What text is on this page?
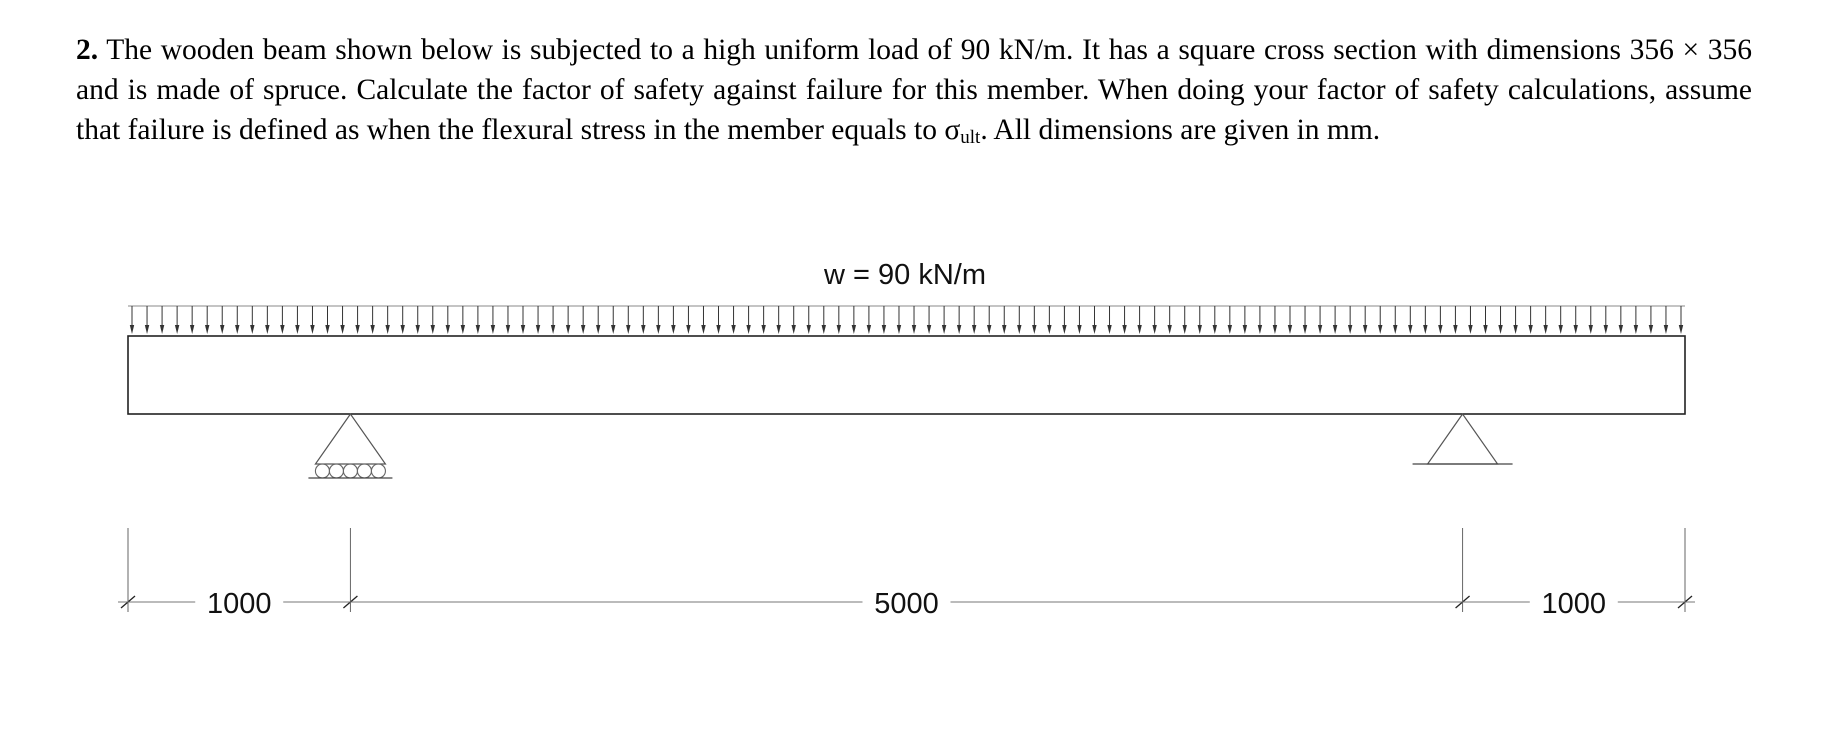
2. The wooden beam shown below is subjected to a high uniform load of 90 kN/m. It has a square cross section with dimensions 356 × 356 and is made of spruce. Calculate the factor of safety against failure for this member. When doing your factor of safety calculations, assume that failure is defined as when the flexural stress in the member equals to $\sigma_{ult}$. All dimensions are given in mm.
w = 90 kN/m
1000	5000	1000
